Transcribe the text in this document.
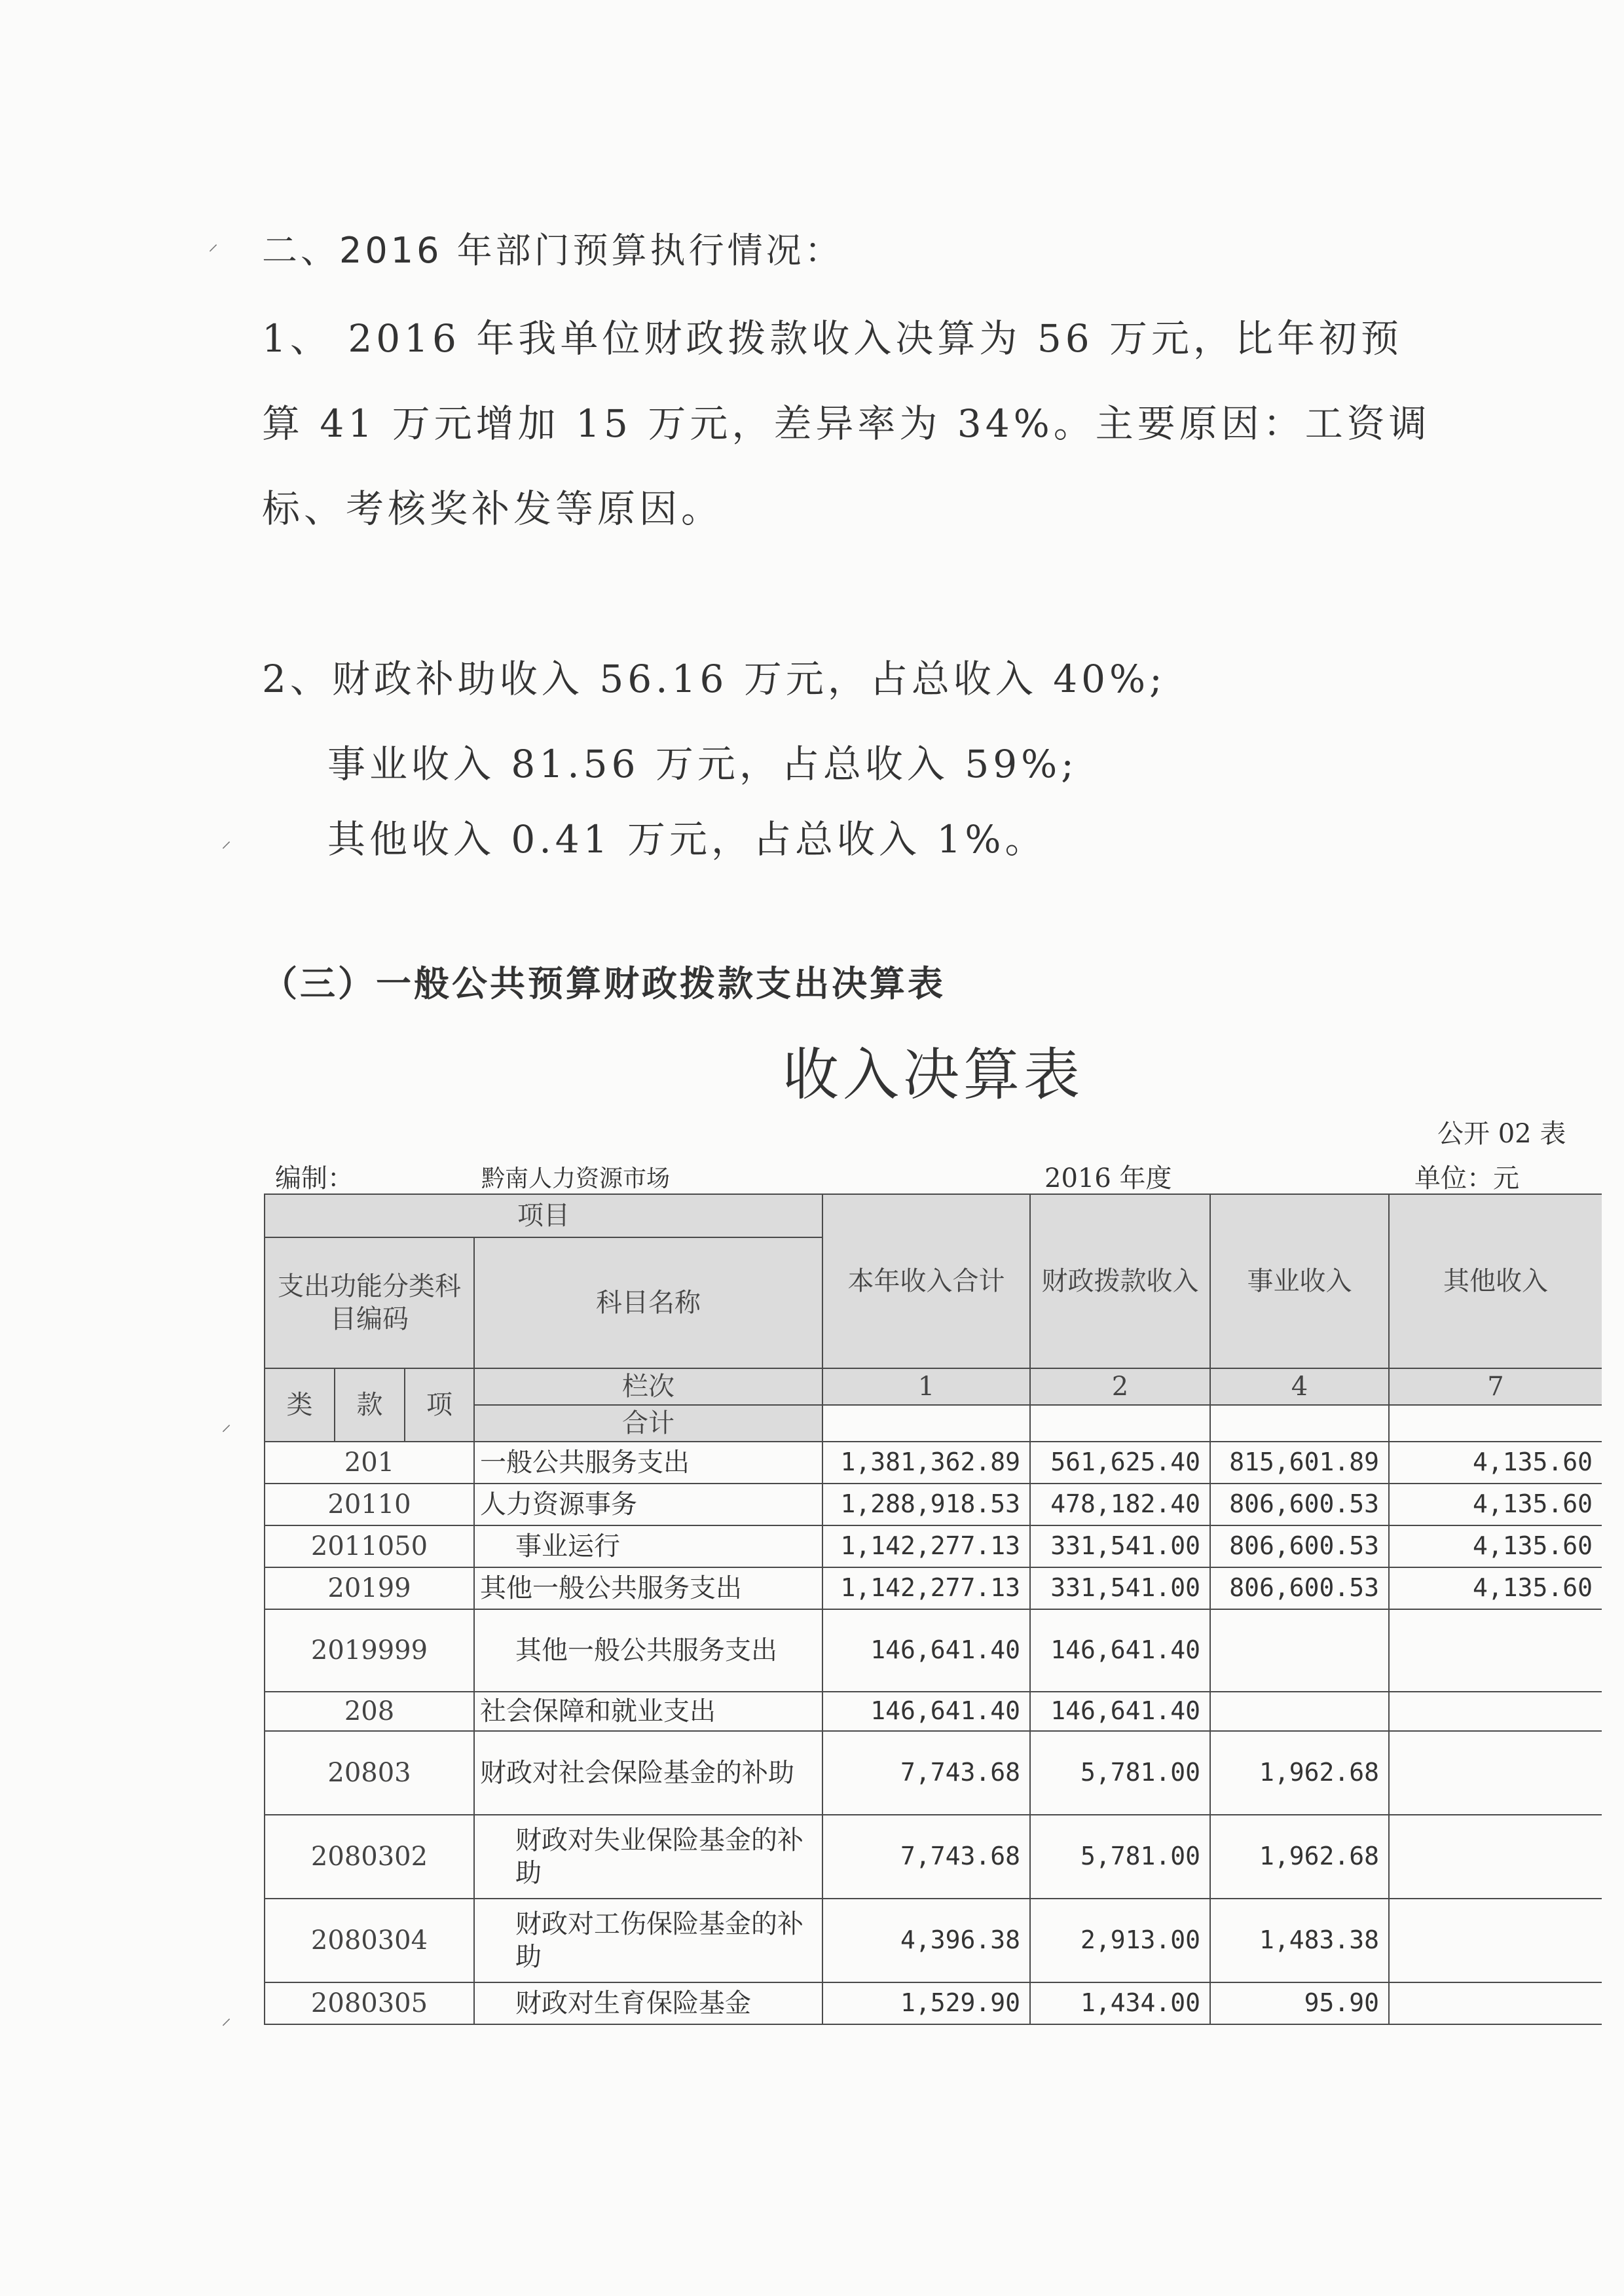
⸝
⸝
⸝
⸝
二、2016 年部门预算执行情况：
1、 2016 年我单位财政拨款收入决算为 56 万元，比年初预
算 41 万元增加 15 万元，差异率为 34%。主要原因：工资调
标、考核奖补发等原因。
2、财政补助收入 56.16 万元，占总收入 40%;
事业收入 81.56 万元，占总收入 59%;
其他收入 0.41 万元，占总收入 1%。
（三）一般公共预算财政拨款支出决算表
收入决算表
公开 02 表
编制：	黔南人力资源市场	2016 年度	单位：元
项目				本年收入合计	财政拨款收入	事业收入	其他收入
支出功能分类科目编码			科目名称				

类	款	项	栏次	1	2	4	7
			合计				
201			一般公共服务支出	1,381,362.89	561,625.40	815,601.89	4,135.60
20110			人力资源事务	1,288,918.53	478,182.40	806,600.53	4,135.60
2011050			事业运行	1,142,277.13	331,541.00	806,600.53	4,135.60
20199			其他一般公共服务支出	1,142,277.13	331,541.00	806,600.53	4,135.60
2019999			其他一般公共服务支出	146,641.40	146,641.40		
208			社会保障和就业支出	146,641.40	146,641.40		
20803			财政对社会保险基金的补助	7,743.68	5,781.00	1,962.68	
2080302			财政对失业保险基金的补助	7,743.68	5,781.00	1,962.68	
2080304			财政对工伤保险基金的补助	4,396.38	2,913.00	1,483.38	
2080305			财政对生育保险基金	1,529.90	1,434.00	95.90	
